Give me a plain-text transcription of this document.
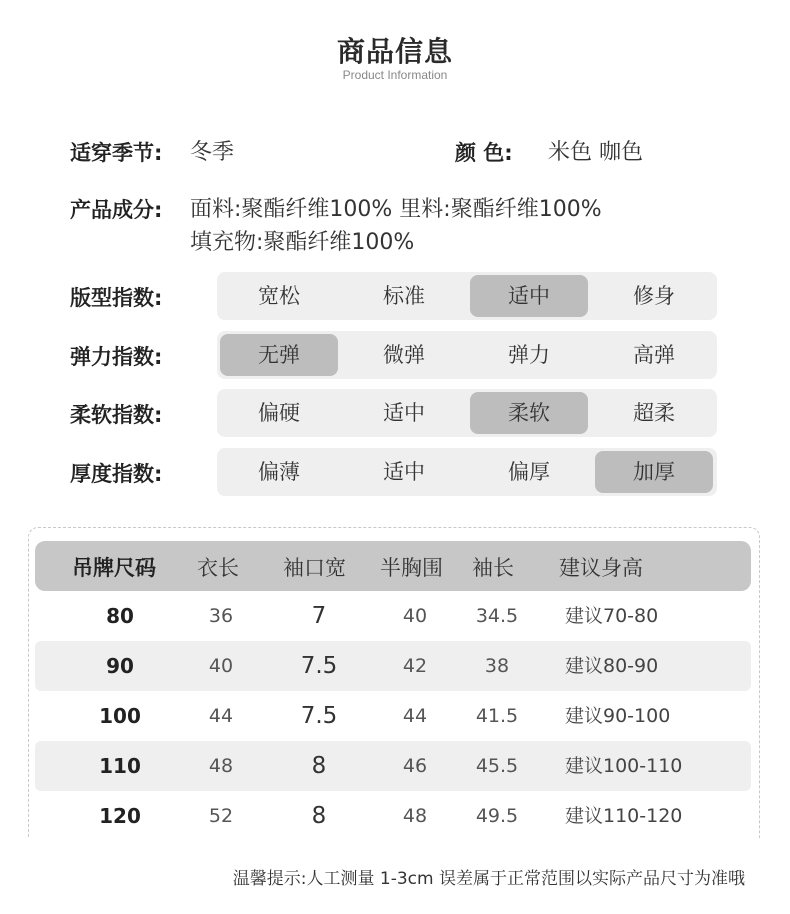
商品信息
Product Information
适穿季节: 冬季	颜 色: 米色 咖色
产品成分: 面料:聚酯纤维100% 里料:聚酯纤维100%
填充物:聚酯纤维100%
版型指数:	宽松	标准	适中	修身
弹力指数:	无弹	微弹	弹力	高弹
柔软指数:	偏硬	适中	柔软	超柔
厚度指数:	偏薄	适中	偏厚	加厚
吊牌尺码 衣长 袖口宽 半胸围 袖长 建议身高
80	36	7	40	34.5	建议70-80
90	40	7.5	42	38	建议80-90
100	44	7.5	44	41.5	建议90-100
110	48	8	46	45.5	建议100-110
120	52	8	48	49.5	建议110-120
温馨提示:人工测量 1-3cm 误差属于正常范围以实际产品尺寸为准哦
